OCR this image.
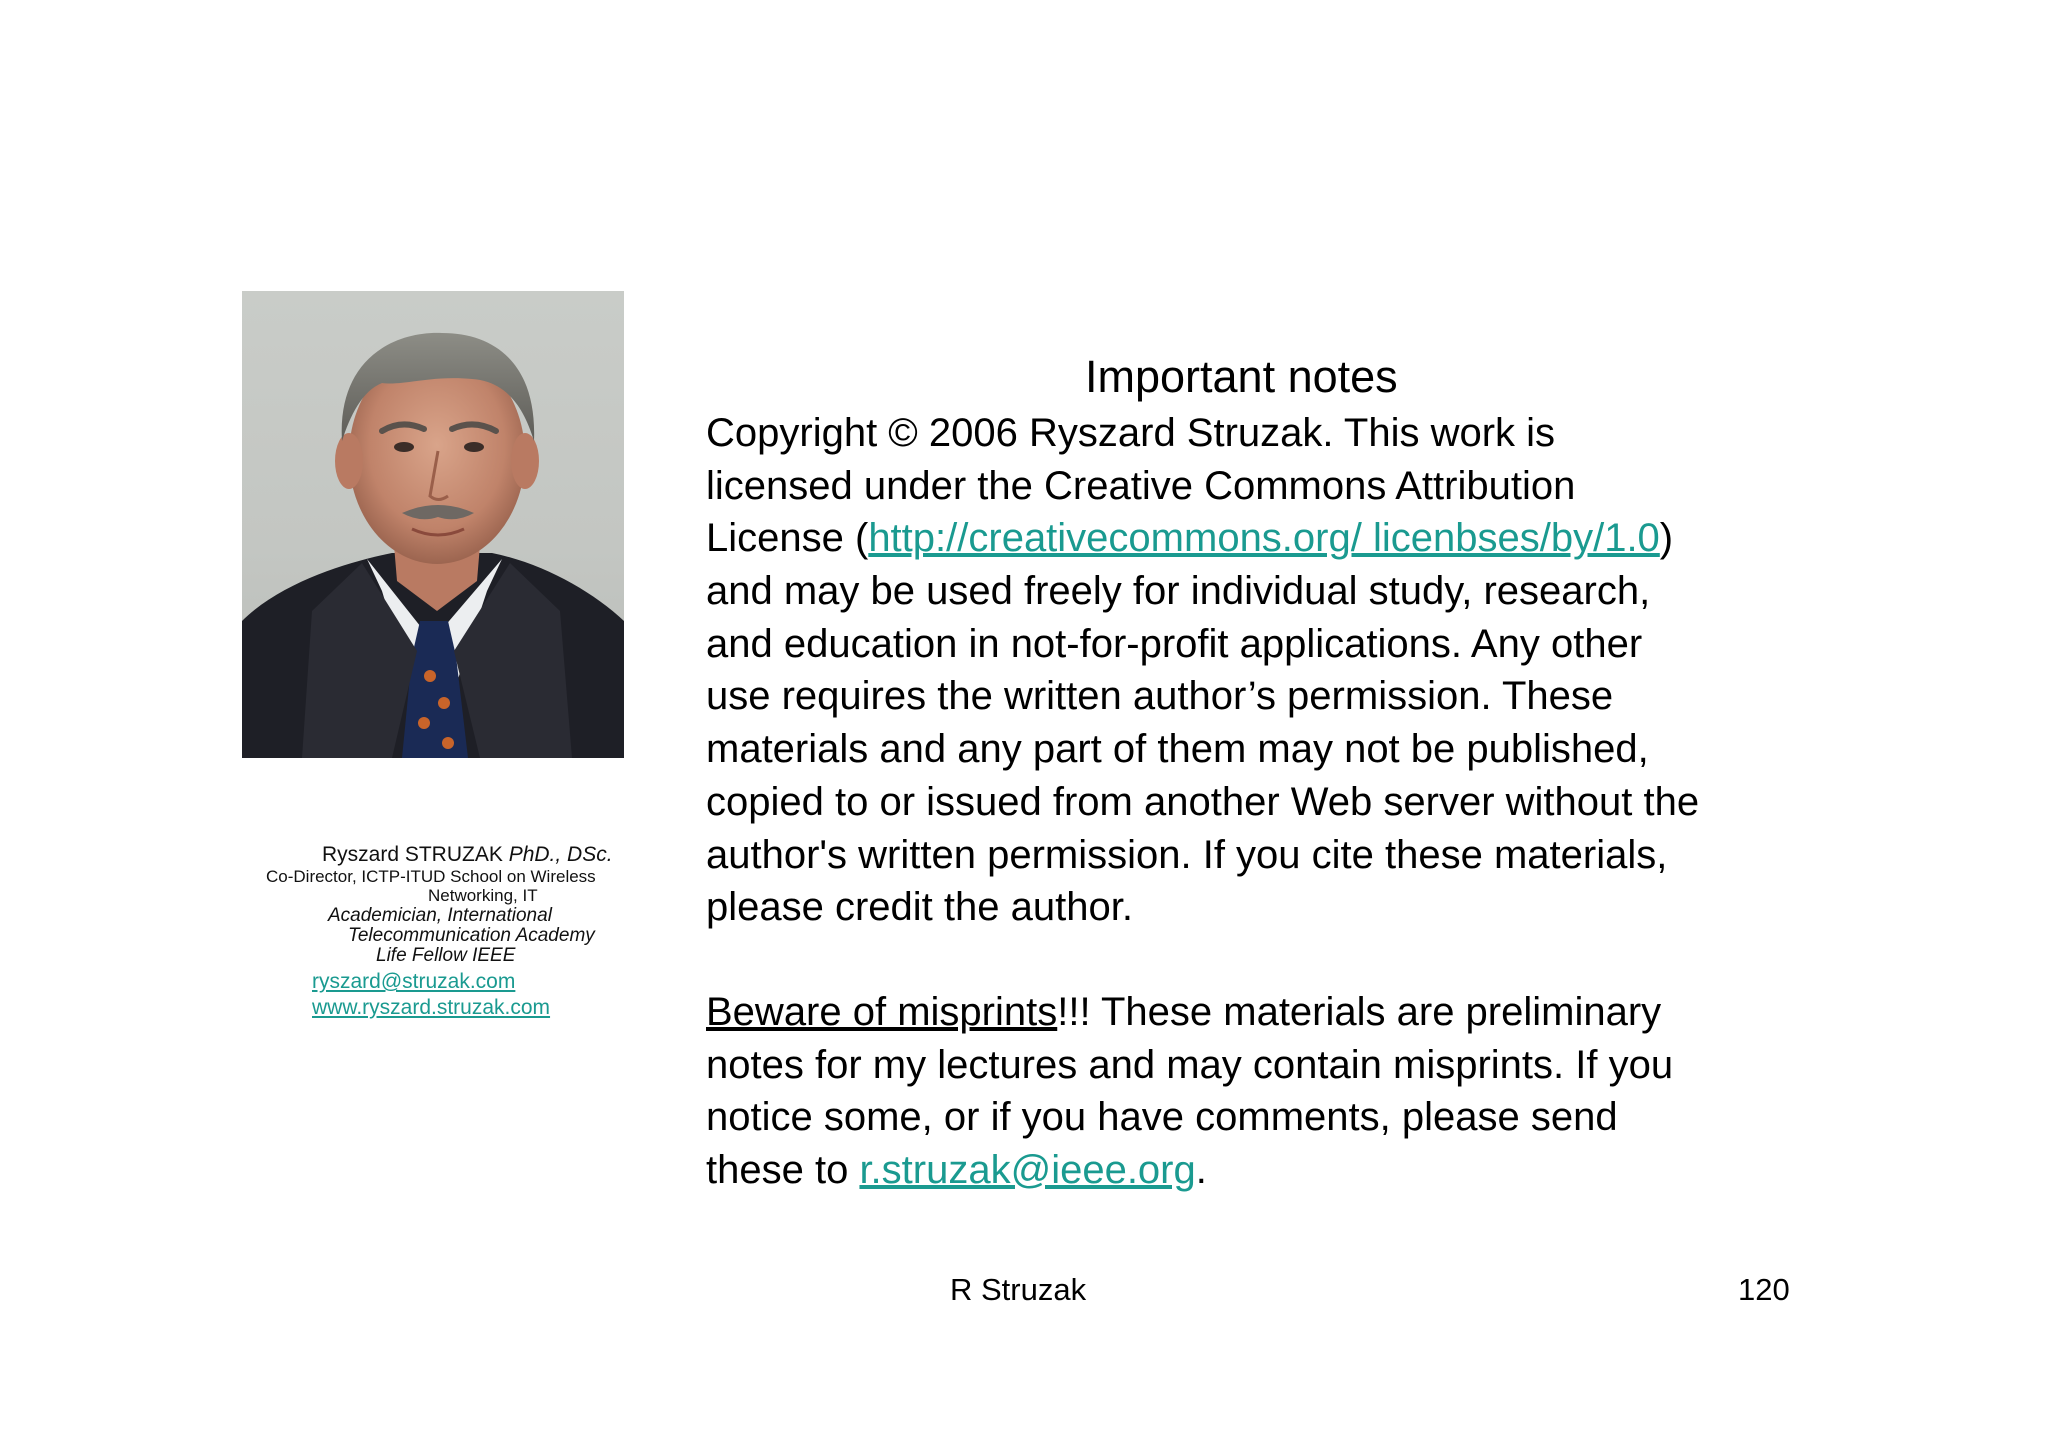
Ryszard STRUZAK PhD., DSc.
Co-Director, ICTP-ITUD School on Wireless
Networking, IT
Academician, International
Telecommunication Academy
Life Fellow IEEE
ryszard@struzak.com
www.ryszard.struzak.com
Important notes
Copyright © 2006 Ryszard Struzak. This work is
licensed under the Creative Commons Attribution
License (http://creativecommons.org/ licenbses/by/1.0)
and may be used freely for individual study, research,
and education in not-for-profit applications. Any other
use requires the written author’s permission. These
materials and any part of them may not be published,
copied to or issued from another Web server without the
author's written permission. If you cite these materials,
please credit the author.
Beware of misprints!!! These materials are preliminary
notes for my lectures and may contain misprints. If you
notice some, or if you have comments, please send
these to r.struzak@ieee.org.
R Struzak	120
